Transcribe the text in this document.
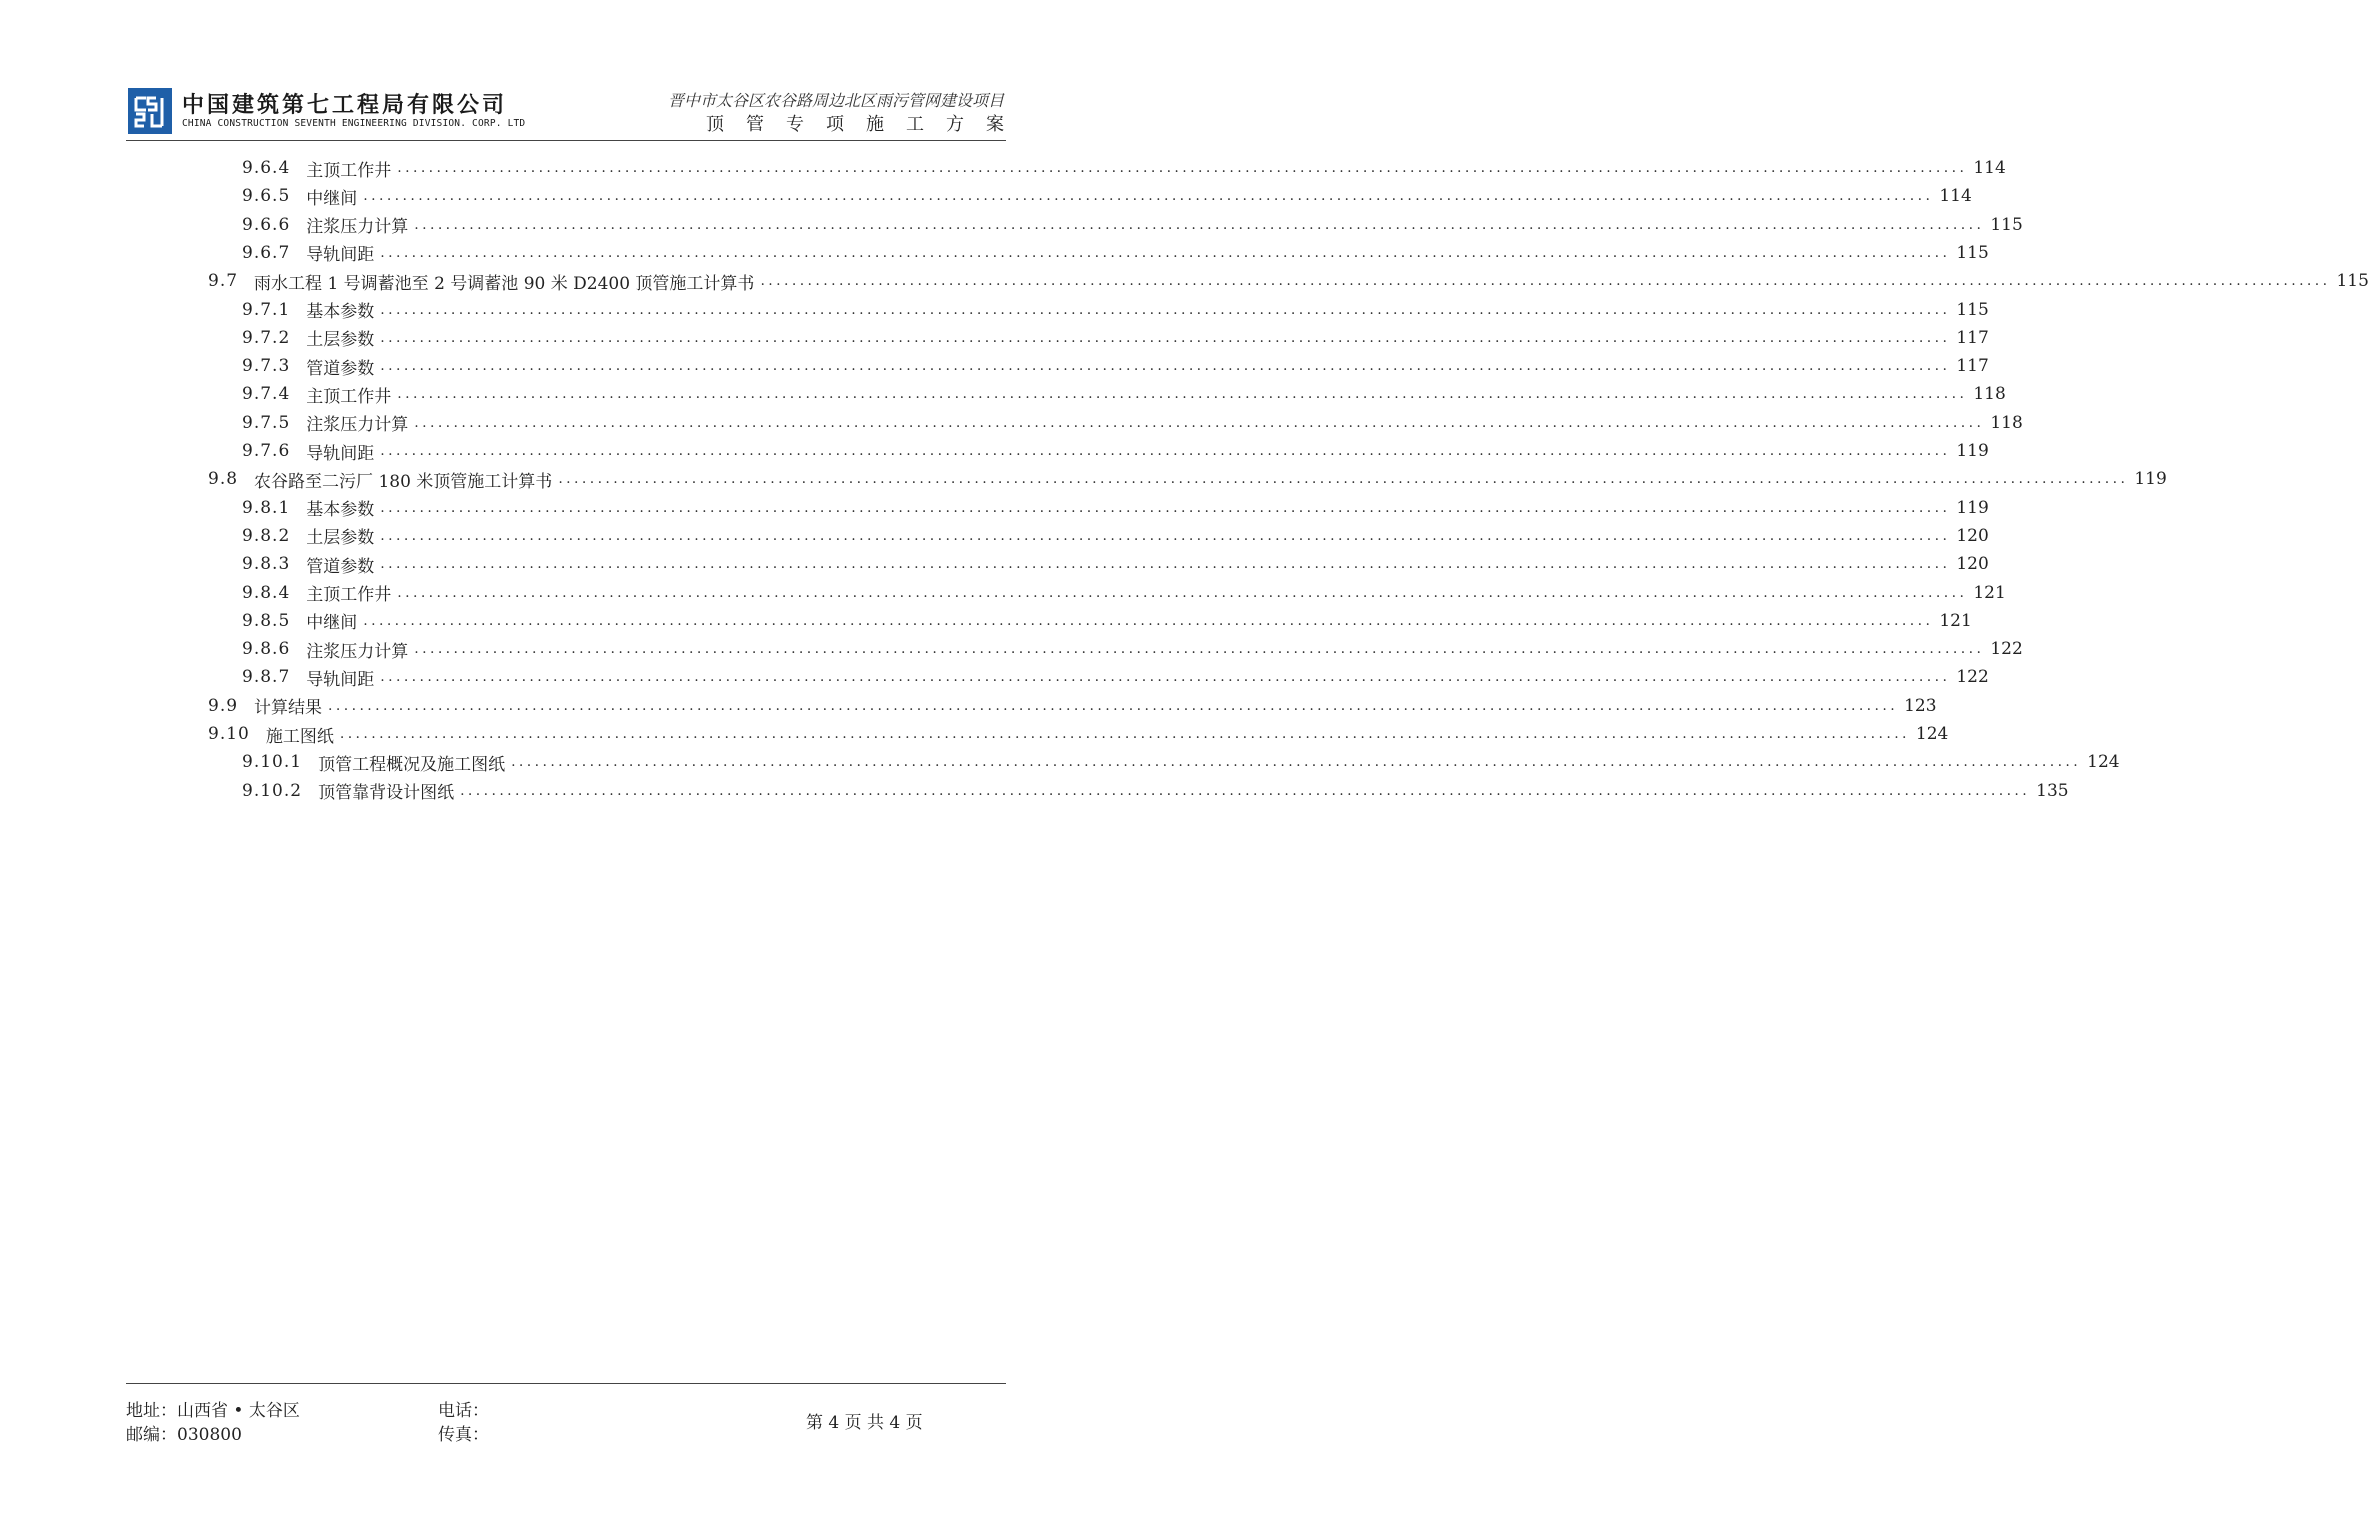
中国建筑第七工程局有限公司
CHINA CONSTRUCTION SEVENTH ENGINEERING DIVISION. CORP. LTD
晋中市太谷区农谷路周边北区雨污管网建设项目
顶管专项施工方案
9.6.4 主顶工作井 ........................................................................................................................................................................................................ 114
9.6.5 中继间 ........................................................................................................................................................................................................ 114
9.6.6 注浆压力计算 ........................................................................................................................................................................................................ 115
9.6.7 导轨间距 ........................................................................................................................................................................................................ 115
9.7 雨水工程 1 号调蓄池至 2 号调蓄池 90 米 D2400 顶管施工计算书 ........................................................................................................................................................................................................ 115
9.7.1 基本参数 ........................................................................................................................................................................................................ 115
9.7.2 土层参数 ........................................................................................................................................................................................................ 117
9.7.3 管道参数 ........................................................................................................................................................................................................ 117
9.7.4 主顶工作井 ........................................................................................................................................................................................................ 118
9.7.5 注浆压力计算 ........................................................................................................................................................................................................ 118
9.7.6 导轨间距 ........................................................................................................................................................................................................ 119
9.8 农谷路至二污厂 180 米顶管施工计算书 ........................................................................................................................................................................................................ 119
9.8.1 基本参数 ........................................................................................................................................................................................................ 119
9.8.2 土层参数 ........................................................................................................................................................................................................ 120
9.8.3 管道参数 ........................................................................................................................................................................................................ 120
9.8.4 主顶工作井 ........................................................................................................................................................................................................ 121
9.8.5 中继间 ........................................................................................................................................................................................................ 121
9.8.6 注浆压力计算 ........................................................................................................................................................................................................ 122
9.8.7 导轨间距 ........................................................................................................................................................................................................ 122
9.9 计算结果 ........................................................................................................................................................................................................ 123
9.10 施工图纸 ........................................................................................................................................................................................................ 124
9.10.1 顶管工程概况及施工图纸 ........................................................................................................................................................................................................ 124
9.10.2 顶管靠背设计图纸 ........................................................................................................................................................................................................ 135
地址：山西省 • 太谷区
邮编：030800
电话：
传真：
第 4 页 共 4 页
